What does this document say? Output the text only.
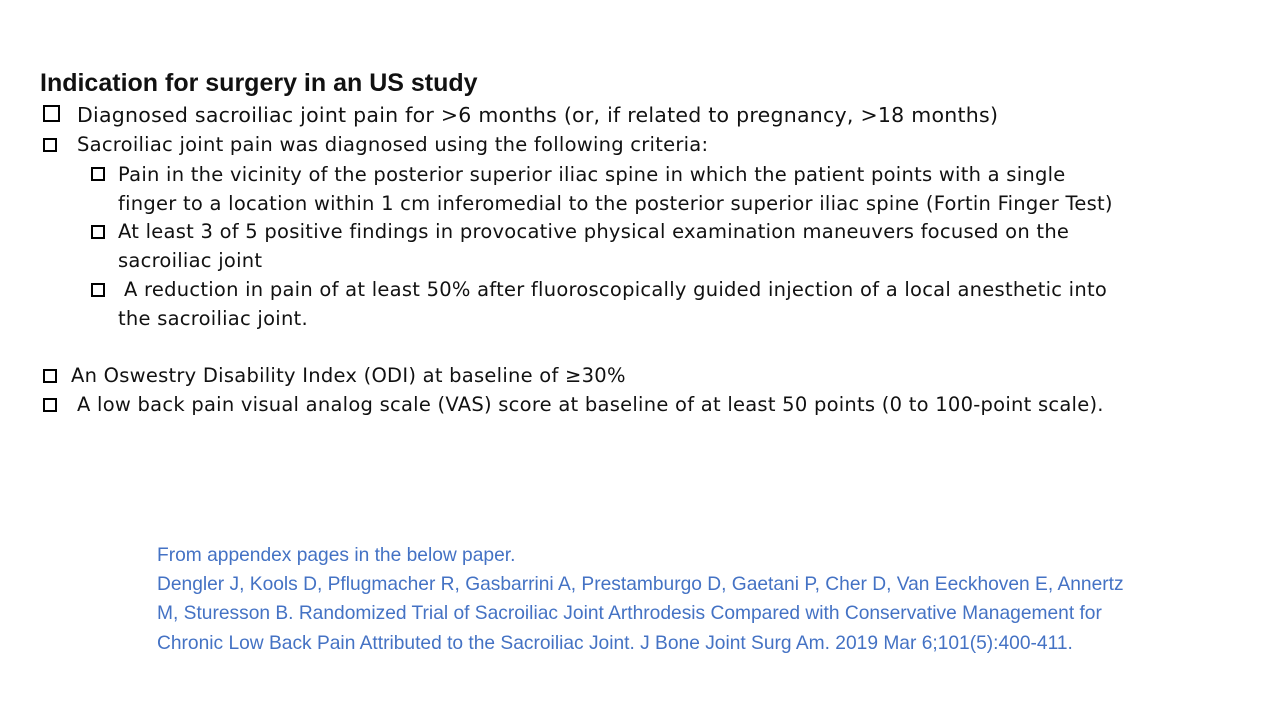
Indication for surgery in an US study
Diagnosed sacroiliac joint pain for >6 months (or, if related to pregnancy, >18 months)
Sacroiliac joint pain was diagnosed using the following criteria:
Pain in the vicinity of the posterior superior iliac spine in which the patient points with a single
finger to a location within 1 cm inferomedial to the posterior superior iliac spine (Fortin Finger Test)
At least 3 of 5 positive findings in provocative physical examination maneuvers focused on the
sacroiliac joint
A reduction in pain of at least 50% after fluoroscopically guided injection of a local anesthetic into
the sacroiliac joint.
An Oswestry Disability Index (ODI) at baseline of ≥30%
A low back pain visual analog scale (VAS) score at baseline of at least 50 points (0 to 100-point scale).
From appendex pages in the below paper.
Dengler J, Kools D, Pflugmacher R, Gasbarrini A, Prestamburgo D, Gaetani P, Cher D, Van Eeckhoven E, Annertz
M, Sturesson B. Randomized Trial of Sacroiliac Joint Arthrodesis Compared with Conservative Management for
Chronic Low Back Pain Attributed to the Sacroiliac Joint. J Bone Joint Surg Am. 2019 Mar 6;101(5):400-411.
